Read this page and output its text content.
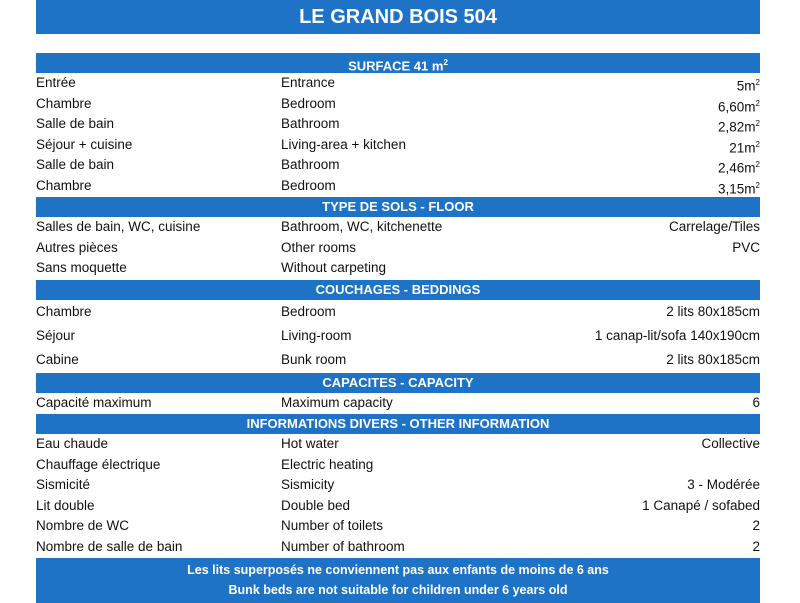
LE GRAND BOIS 504
SURFACE 41 $m^2$
Entrée	Entrance	$5m^2$
Chambre	Bedroom	$6,60m^2$
Salle de bain	Bathroom	$2,82m^2$
Séjour + cuisine	Living-area + kitchen	$21m^2$
Salle de bain	Bathroom	$2,46m^2$
Chambre	Bedroom	$3,15m^2$
TYPE DE SOLS - FLOOR
Salles de bain, WC, cuisine	Bathroom, WC, kitchenette	Carrelage/Tiles
Autres pièces	Other rooms	PVC
Sans moquette	Without carpeting
COUCHAGES - BEDDINGS
Chambre	Bedroom	2 lits 80x185cm
Séjour	Living-room	1 canap-lit/sofa 140x190cm
Cabine	Bunk room	2 lits 80x185cm
CAPACITES - CAPACITY
Capacité maximum	Maximum capacity	6
INFORMATIONS DIVERS - OTHER INFORMATION
Eau chaude	Hot water	Collective
Chauffage électrique	Electric heating
Sismicité	Sismicity	3 - Modérée
Lit double	Double bed	1 Canapé / sofabed
Nombre de WC	Number of toilets	2
Nombre de salle de bain	Number of bathroom	2
Les lits superposés ne conviennent pas aux enfants de moins de 6 ans
Bunk beds are not suitable for children under 6 years old
